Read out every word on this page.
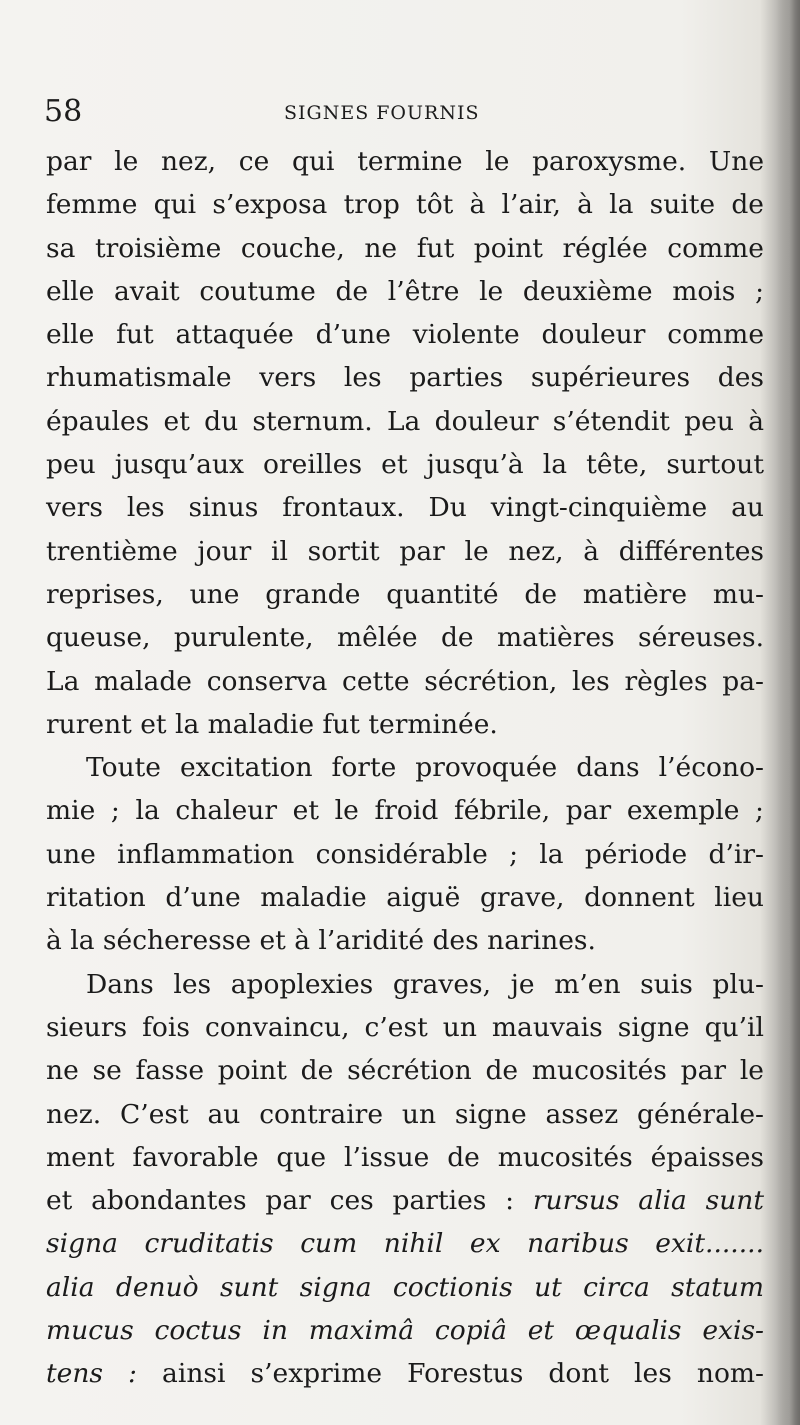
58	SIGNES FOURNIS
par le nez, ce qui termine le paroxysme. Une
femme qui s’exposa trop tôt à l’air, à la suite de
sa troisième couche, ne fut point réglée comme
elle avait coutume de l’être le deuxième mois ;
elle fut attaquée d’une violente douleur comme
rhumatismale vers les parties supérieures des
épaules et du sternum. La douleur s’étendit peu à
peu jusqu’aux oreilles et jusqu’à la tête, surtout
vers les sinus frontaux. Du vingt-cinquième au
trentième jour il sortit par le nez, à différentes
reprises, une grande quantité de matière mu-
queuse, purulente, mêlée de matières séreuses.
La malade conserva cette sécrétion, les règles pa-
rurent et la maladie fut terminée.
Toute excitation forte provoquée dans l’écono-
mie ; la chaleur et le froid fébrile, par exemple ;
une inflammation considérable ; la période d’ir-
ritation d’une maladie aiguë grave, donnent lieu
à la sécheresse et à l’aridité des narines.
Dans les apoplexies graves, je m’en suis plu-
sieurs fois convaincu, c’est un mauvais signe qu’il
ne se fasse point de sécrétion de mucosités par le
nez. C’est au contraire un signe assez générale-
ment favorable que l’issue de mucosités épaisses
et abondantes par ces parties : rursus alia sunt
signa cruditatis cum nihil ex naribus exit.......
alia denuò sunt signa coctionis ut circa statum
mucus coctus in maximâ copiâ et œqualis exis-
tens : ainsi s’exprime Forestus dont les nom-
